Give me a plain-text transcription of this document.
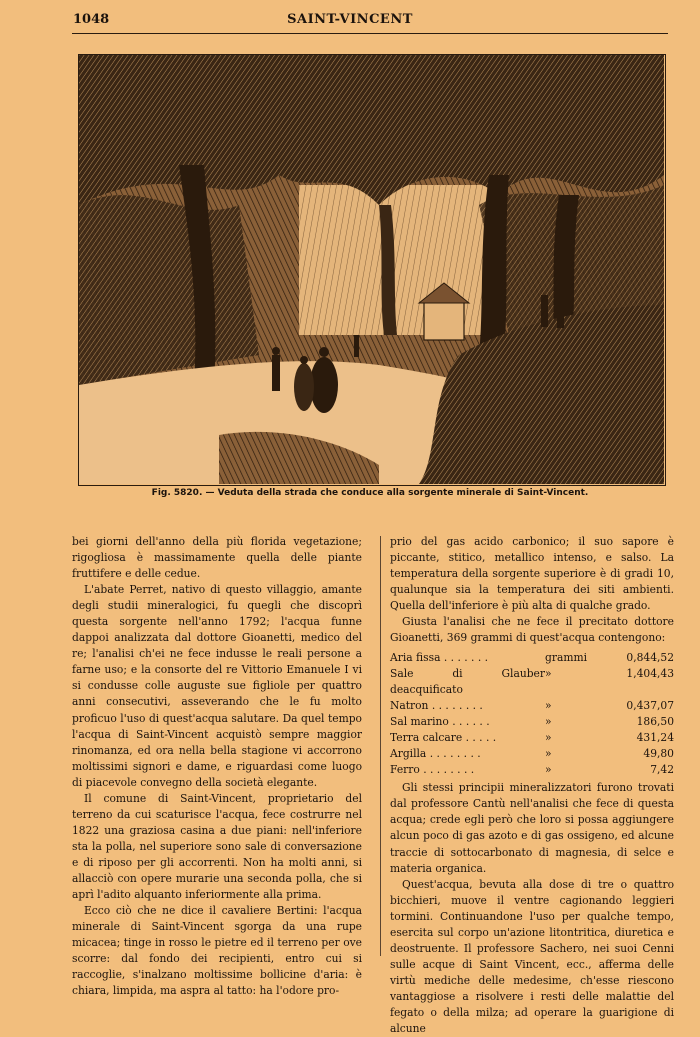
1048	SAINT-VINCENT
Fig. 5820. — Veduta della strada che conduce alla sorgente minerale di Saint-Vincent.

bei giorni dell'anno della più florida vegetazione; rigogliosa è massimamente quella delle piante fruttifere e delle cedue.

L'abate Perret, nativo di questo villaggio, amante degli studii mineralogici, fu quegli che discoprì questa sorgente nell'anno 1792; l'acqua funne dappoi analizzata dal dottore Gioanetti, medico del re; l'analisi ch'ei ne fece indusse le reali persone a farne uso; e la consorte del re Vittorio Emanuele I vi si condusse colle auguste sue figliole per quattro anni consecutivi, asseverando che le fu molto proficuo l'uso di quest'acqua salutare. Da quel tempo l'acqua di Saint-Vincent acquistò sempre maggior rinomanza, ed ora nella bella stagione vi accorrono moltissimi signori e dame, e riguardasi come luogo di piacevole convegno della società elegante.

Il comune di Saint-Vincent, proprietario del terreno da cui scaturisce l'acqua, fece costrurre nel 1822 una graziosa casina a due piani: nell'inferiore sta la polla, nel superiore sono sale di conversazione e di riposo per gli accorrenti. Non ha molti anni, si allacciò con opere murarie una seconda polla, che si aprì l'adito alquanto inferiormente alla prima.

Ecco ciò che ne dice il cavaliere Bertini: l'acqua minerale di Saint-Vincent sgorga da una rupe micacea; tinge in rosso le pietre ed il terreno per ove scorre: dal fondo dei recipienti, entro cui si raccoglie, s'inalzano moltissime bollicine d'aria: è chiara, limpida, ma aspra al tatto: ha l'odore pro-

prio del gas acido carbonico; il suo sapore è piccante, stitico, metallico intenso, e salso. La temperatura della sorgente superiore è di gradi 10, qualunque sia la temperatura dei siti ambienti. Quella dell'inferiore è più alta di qualche grado.

Giusta l'analisi che ne fece il precitato dottore Gioanetti, 369 grammi di quest'acqua contengono:

Aria fissa . . . . . . .	grammi	0,844,52
Sale di Glauber deacquificato	»	1,404,43
Natron . . . . . . . .	»	0,437,07
Sal marino . . . . . .	»	186,50
Terra calcare . . . . .	»	431,24
Argilla . . . . . . . .	»	49,80
Ferro . . . . . . . .	»	7,42

Gli stessi principii mineralizzatori furono trovati dal professore Cantù nell'analisi che fece di questa acqua; crede egli però che loro si possa aggiungere alcun poco di gas azoto e di gas ossigeno, ed alcune traccie di sottocarbonato di magnesia, di selce e materia organica.

Quest'acqua, bevuta alla dose di tre o quattro bicchieri, muove il ventre cagionando leggieri tormini. Continuandone l'uso per qualche tempo, esercita sul corpo un'azione litontritica, diuretica e deostruente. Il professore Sachero, nei suoi Cenni sulle acque di Saint Vincent, ecc., afferma delle virtù mediche delle medesime, ch'esse riescono vantaggiose a risolvere i resti delle malattie del fegato o della milza; ad operare la guarigione di alcune
